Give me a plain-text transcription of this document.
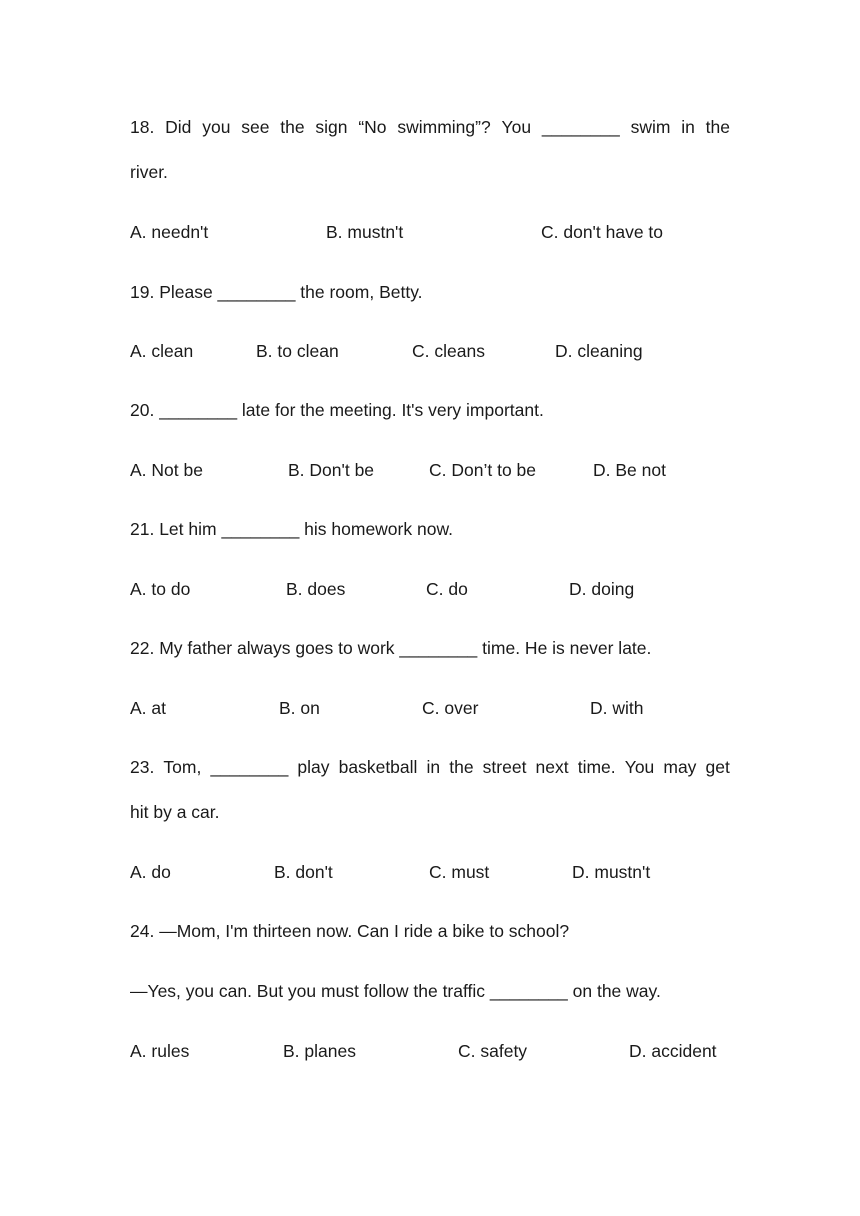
18. Did you see the sign “No swimming”? You ________ swim in the
river.
A. needn't	B. mustn't	C. don't have to
19. Please ________ the room, Betty.
A. clean	B. to clean	C. cleans	D. cleaning
20. ________ late for the meeting. It's very important.
A. Not be	B. Don't be	C. Don’t to be	D. Be not
21. Let him ________ his homework now.
A. to do	B. does	C. do	D. doing
22. My father always goes to work ________ time. He is never late.
A. at	B. on	C. over	D. with
23. Tom, ________ play basketball in the street next time. You may get
hit by a car.
A. do	B. don't	C. must	D. mustn't
24. —Mom, I'm thirteen now. Can I ride a bike to school?
—Yes, you can. But you must follow the traffic ________ on the way.
A. rules	B. planes	C. safety	D. accident
